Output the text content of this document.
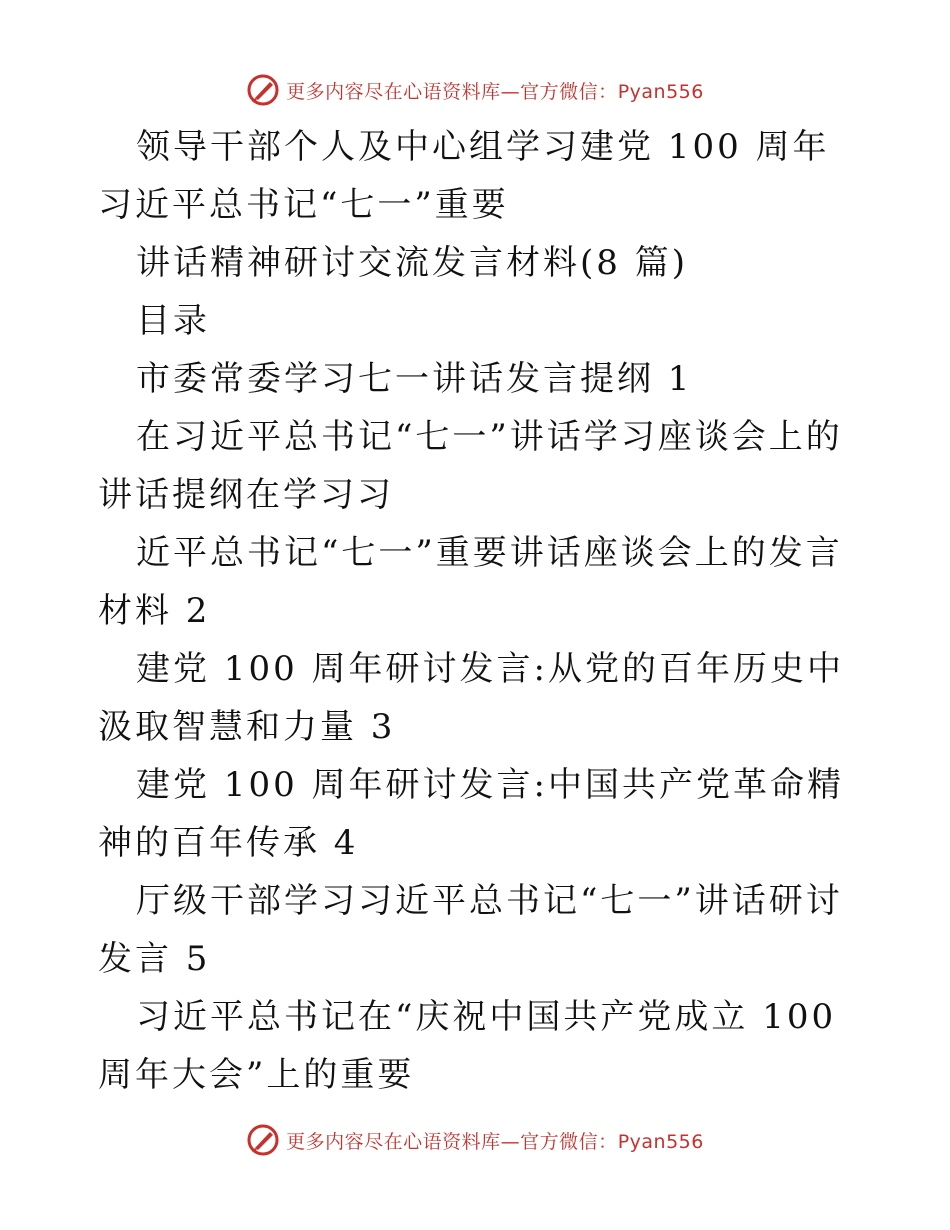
更多内容尽在心语资料库—官方微信：Pyan556

领导干部个人及中心组学习建党 100 周年习近平总书记“七一”重要

讲话精神研讨交流发言材料(8 篇)

目录

市委常委学习七一讲话发言提纲 1

在习近平总书记“七一”讲话学习座谈会上的讲话提纲在学习习

近平总书记“七一”重要讲话座谈会上的发言材料 2

建党 100 周年研讨发言:从党的百年历史中汲取智慧和力量 3

建党 100 周年研讨发言:中国共产党革命精神的百年传承 4

厅级干部学习习近平总书记“七一”讲话研讨发言 5

习近平总书记在“庆祝中国共产党成立 100 周年大会”上的重要

更多内容尽在心语资料库—官方微信：Pyan556
